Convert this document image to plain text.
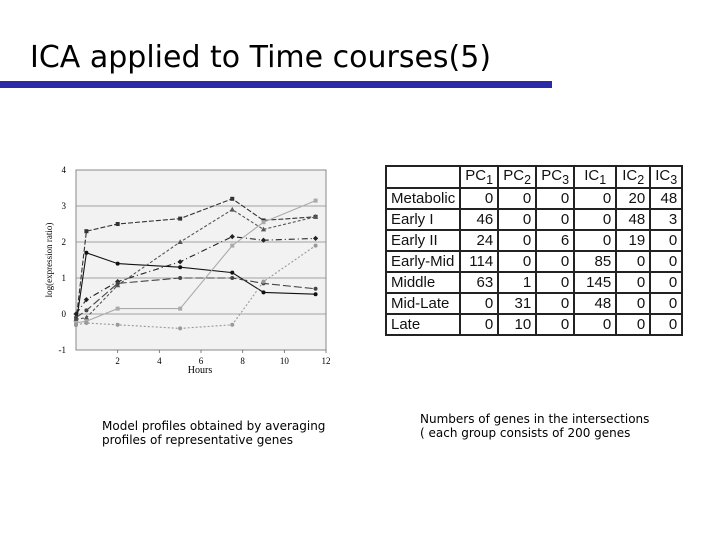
ICA applied to Time courses(5)
-1
0
1
2
3
4
2	4	6	8	10	12
Hours
log(expression ratio)
	$PC_1$	$PC_2$	$PC_3$	$IC_1$	$IC_2$	$IC_3$
Metabolic	0	0	0	0	20	48
Early I	46	0	0	0	48	3
Early II	24	0	6	0	19	0
Early-Mid	114	0	0	85	0	0
Middle	63	1	0	145	0	0
Mid-Late	0	31	0	48	0	0
Late	0	10	0	0	0	0
Model profiles obtained by averaging profiles of representative genes
Numbers of genes in the intersections
( each group consists of 200 genes
